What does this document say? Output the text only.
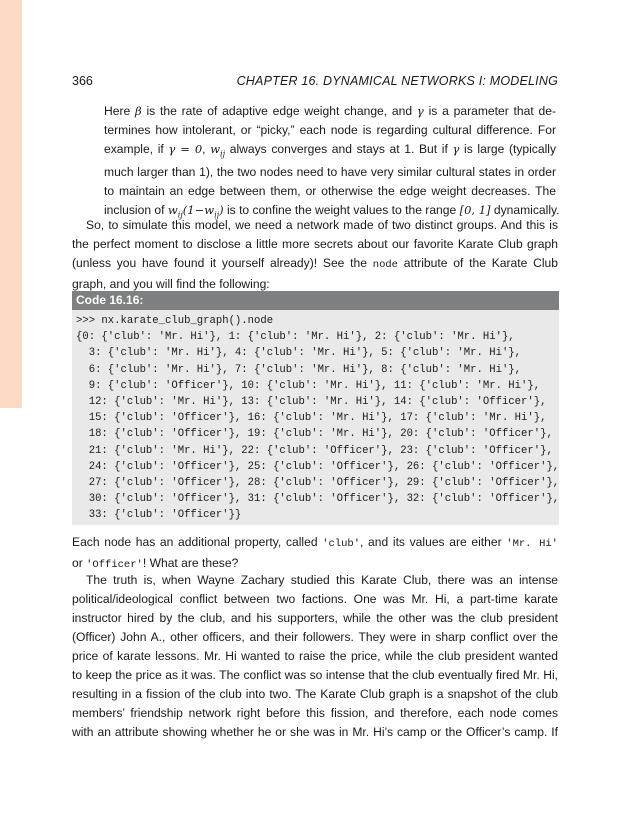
366	CHAPTER 16. DYNAMICAL NETWORKS I: MODELING
Here β is the rate of adaptive edge weight change, and γ is a parameter that de-
termines how intolerant, or “picky,” each node is regarding cultural difference. For
example, if γ = 0, $w_{ij}$ always converges and stays at 1. But if γ is large (typically
much larger than 1), the two nodes need to have very similar cultural states in order
to maintain an edge between them, or otherwise the edge weight decreases. The
inclusion of $w_{ij}(1-w_{ij})$ is to confine the weight values to the range [0, 1] dynamically.
So, to simulate this model, we need a network made of two distinct groups. And this is
the perfect moment to disclose a little more secrets about our favorite Karate Club graph
(unless you have found it yourself already)! See the node attribute of the Karate Club
graph, and you will find the following:
Code 16.16:
>>> nx.karate_club_graph().node
{0: {'club': 'Mr. Hi'}, 1: {'club': 'Mr. Hi'}, 2: {'club': 'Mr. Hi'},
3: {'club': 'Mr. Hi'}, 4: {'club': 'Mr. Hi'}, 5: {'club': 'Mr. Hi'},
6: {'club': 'Mr. Hi'}, 7: {'club': 'Mr. Hi'}, 8: {'club': 'Mr. Hi'},
9: {'club': 'Officer'}, 10: {'club': 'Mr. Hi'}, 11: {'club': 'Mr. Hi'},
12: {'club': 'Mr. Hi'}, 13: {'club': 'Mr. Hi'}, 14: {'club': 'Officer'},
15: {'club': 'Officer'}, 16: {'club': 'Mr. Hi'}, 17: {'club': 'Mr. Hi'},
18: {'club': 'Officer'}, 19: {'club': 'Mr. Hi'}, 20: {'club': 'Officer'},
21: {'club': 'Mr. Hi'}, 22: {'club': 'Officer'}, 23: {'club': 'Officer'},
24: {'club': 'Officer'}, 25: {'club': 'Officer'}, 26: {'club': 'Officer'},
27: {'club': 'Officer'}, 28: {'club': 'Officer'}, 29: {'club': 'Officer'},
30: {'club': 'Officer'}, 31: {'club': 'Officer'}, 32: {'club': 'Officer'},
33: {'club': 'Officer'}}
Each node has an additional property, called 'club', and its values are either 'Mr. Hi'
or 'Officer'! What are these?
The truth is, when Wayne Zachary studied this Karate Club, there was an intense
political/ideological conflict between two factions. One was Mr. Hi, a part-time karate
instructor hired by the club, and his supporters, while the other was the club president
(Officer) John A., other officers, and their followers. They were in sharp conflict over the
price of karate lessons. Mr. Hi wanted to raise the price, while the club president wanted
to keep the price as it was. The conflict was so intense that the club eventually fired Mr. Hi,
resulting in a fission of the club into two. The Karate Club graph is a snapshot of the club
members’ friendship network right before this fission, and therefore, each node comes
with an attribute showing whether he or she was in Mr. Hi’s camp or the Officer’s camp. If
